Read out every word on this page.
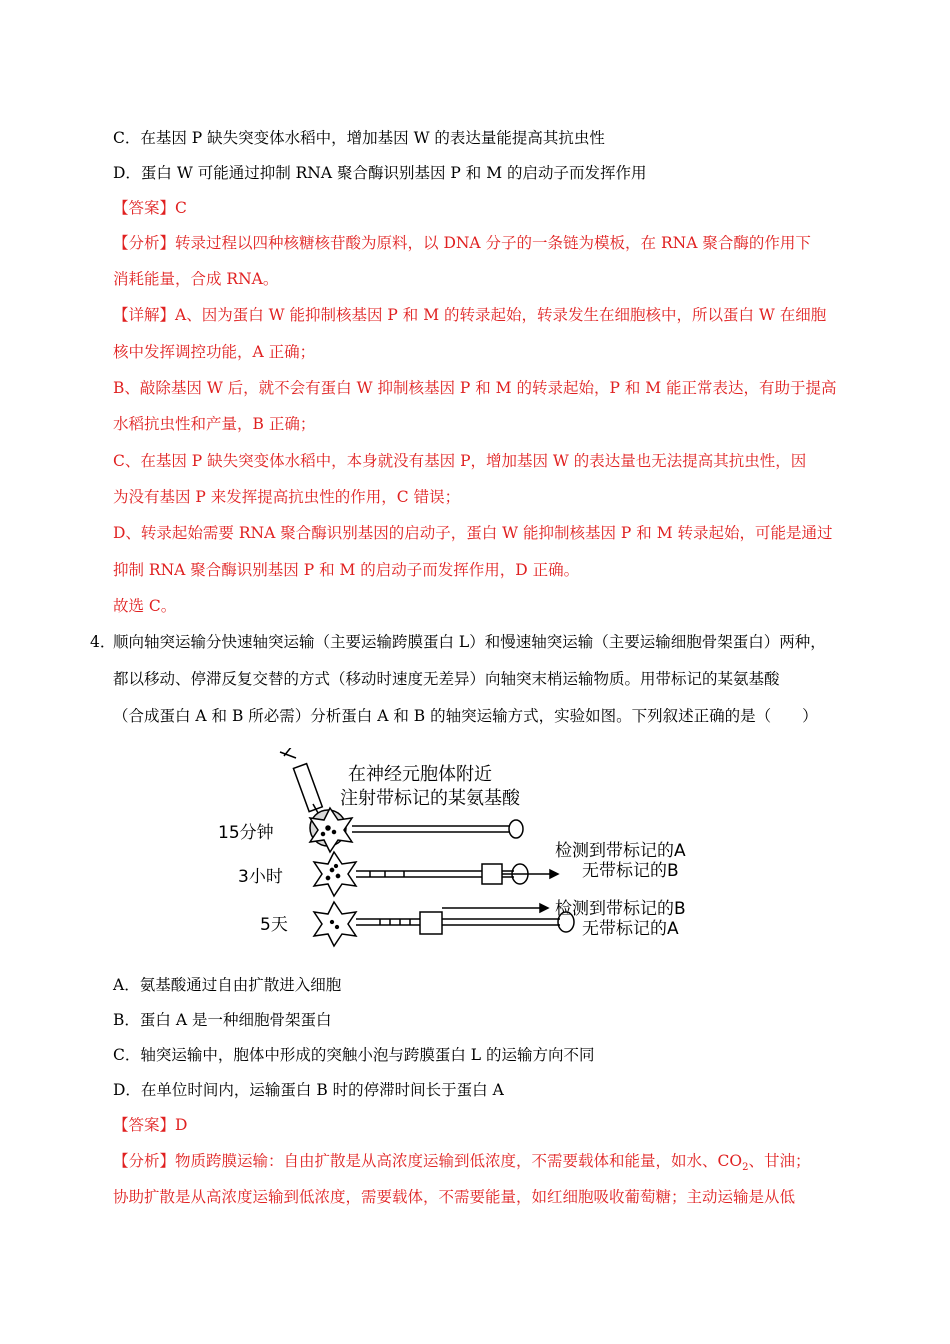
C．在基因 P 缺失突变体水稻中，增加基因 W 的表达量能提高其抗虫性
D．蛋白 W 可能通过抑制 RNA 聚合酶识别基因 P 和 M 的启动子而发挥作用
【答案】C
【分析】转录过程以四种核糖核苷酸为原料，以 DNA 分子的一条链为模板，在 RNA 聚合酶的作用下
消耗能量，合成 RNA。
【详解】A、因为蛋白 W 能抑制核基因 P 和 M 的转录起始，转录发生在细胞核中，所以蛋白 W 在细胞
核中发挥调控功能，A 正确；
B、敲除基因 W 后，就不会有蛋白 W 抑制核基因 P 和 M 的转录起始，P 和 M 能正常表达，有助于提高
水稻抗虫性和产量，B 正确；
C、在基因 P 缺失突变体水稻中，本身就没有基因 P，增加基因 W 的表达量也无法提高其抗虫性，因
为没有基因 P 来发挥提高抗虫性的作用，C 错误；
D、转录起始需要 RNA 聚合酶识别基因的启动子，蛋白 W 能抑制核基因 P 和 M 转录起始，可能是通过
抑制 RNA 聚合酶识别基因 P 和 M 的启动子而发挥作用，D 正确。
故选 C。
4．
顺向轴突运输分快速轴突运输（主要运输跨膜蛋白 L）和慢速轴突运输（主要运输细胞骨架蛋白）两种，
都以移动、停滞反复交替的方式（移动时速度无差异）向轴突末梢运输物质。用带标记的某氨基酸
（合成蛋白 A 和 B 所必需）分析蛋白 A 和 B 的轴突运输方式，实验如图。下列叙述正确的是（　　）
在神经元胞体附近
注射带标记的某氨基酸
15分钟
3小时
5天
检测到带标记的A
无带标记的B
检测到带标记的B
无带标记的A
A．氨基酸通过自由扩散进入细胞
B．蛋白 A 是一种细胞骨架蛋白
C．轴突运输中，胞体中形成的突触小泡与跨膜蛋白 L 的运输方向不同
D．在单位时间内，运输蛋白 B 时的停滞时间长于蛋白 A
【答案】D
【分析】物质跨膜运输：自由扩散是从高浓度运输到低浓度，不需要载体和能量，如水、$CO_2$、甘油；
协助扩散是从高浓度运输到低浓度，需要载体，不需要能量，如红细胞吸收葡萄糖；主动运输是从低
